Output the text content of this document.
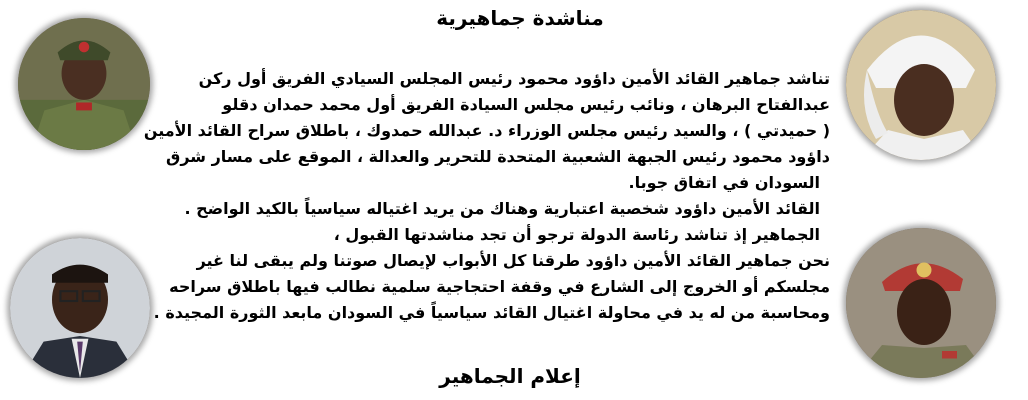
مناشدة جماهيرية
تناشد جماهير القائد الأمين داؤود محمود رئيس المجلس السيادي الفريق أول ركن
عبدالفتاح البرهان ، ونائب رئيس مجلس السيادة الفريق أول محمد حمدان دقلو
( حميدتي ) ، والسيد رئيس مجلس الوزراء د. عبدالله حمدوك ، باطلاق سراح القائد الأمين
داؤود محمود رئيس الجبهة الشعبية المتحدة للتحرير والعدالة ، الموقع على مسار شرق
السودان في اتفاق جوبا.
القائد الأمين داؤود شخصية اعتبارية وهناك من يريد اغتياله سياسياً بالكيد الواضح .
الجماهير إذ تناشد رئاسة الدولة ترجو أن تجد مناشدتها القبول ،
نحن جماهير القائد الأمين داؤود طرقنا كل الأبواب لإيصال صوتنا ولم يبقى لنا غير
مجلسكم أو الخروج إلى الشارع في وقفة احتجاجية سلمية نطالب فيها باطلاق سراحه
ومحاسبة من له يد في محاولة اغتيال القائد سياسياً في السودان مابعد الثورة المجيدة .
إعلام الجماهير
